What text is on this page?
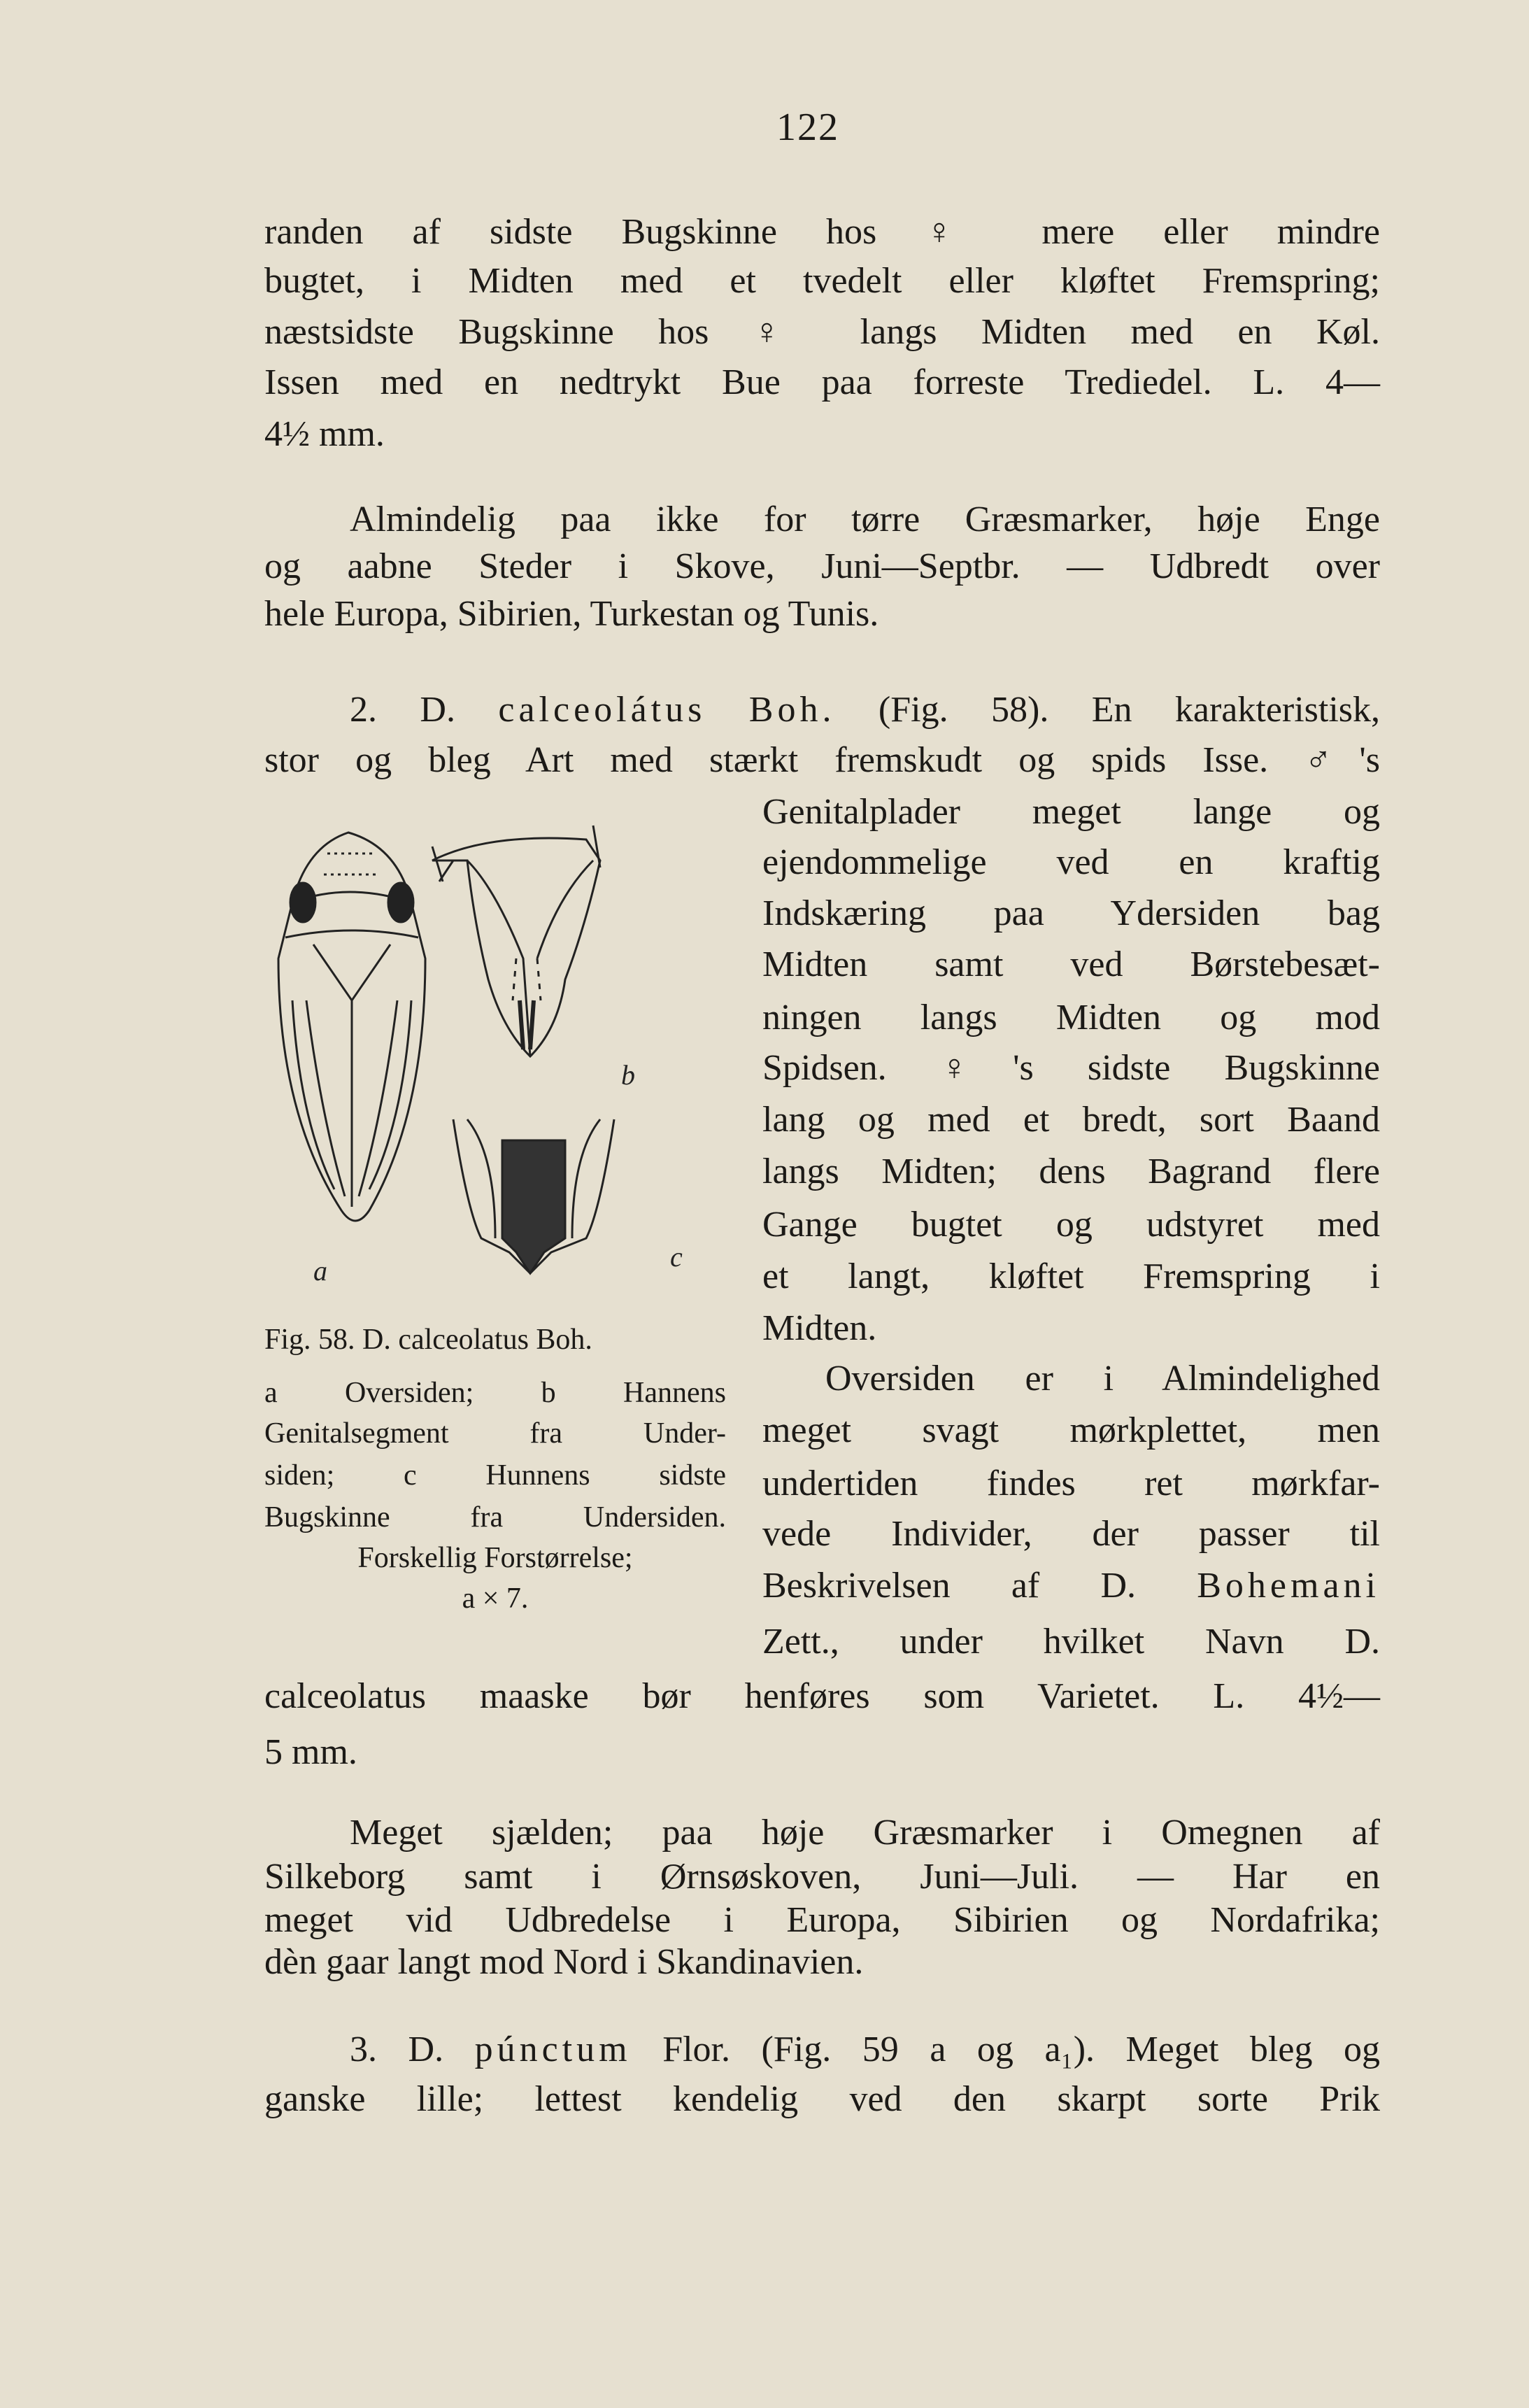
122
randen af sidste Bugskinne hos ♀ mere eller mindre
bugtet, i Midten med et tvedelt eller kløftet Fremspring;
næstsidste Bugskinne hos ♀ langs Midten med en Køl.
Issen med en nedtrykt Bue paa forreste Trediedel. L. 4—
4½ mm.
Almindelig paa ikke for tørre Græsmarker, høje Enge
og aabne Steder i Skove, Juni—Septbr. — Udbredt over
hele Europa, Sibirien, Turkestan og Tunis.
2. D. calceolátus Boh. (Fig. 58). En karakteristisk,
stor og bleg Art med stærkt fremskudt og spids Isse. ♂'s
Genitalplader meget lange og
ejendommelige ved en kraftig
Indskæring paa Ydersiden bag
Midten samt ved Børstebesæt-
ningen langs Midten og mod
Spidsen. ♀'s sidste Bugskinne
lang og med et bredt, sort Baand
langs Midten; dens Bagrand flere
Gange bugtet og udstyret med
et langt, kløftet Fremspring i
Midten.
Oversiden er i Almindelighed
meget svagt mørkplettet, men
undertiden findes ret mørkfar-
vede Individer, der passer til
Beskrivelsen af D. Bohemani
Zett., under hvilket Navn D.
calceolatus maaske bør henføres som Varietet. L. 4½—
5 mm.
a
b
c
Fig. 58. D. calceolatus Boh.
a Oversiden; b Hannens
Genitalsegment fra Under-
siden; c Hunnens sidste
Bugskinne fra Undersiden.
Forskellig Forstørrelse;
a × 7.
Meget sjælden; paa høje Græsmarker i Omegnen af
Silkeborg samt i Ørnsøskoven, Juni—Juli. — Har en
meget vid Udbredelse i Europa, Sibirien og Nordafrika;
dèn gaar langt mod Nord i Skandinavien.
3. D. púnctum Flor. (Fig. 59 a og a₁). Meget bleg og
ganske lille; lettest kendelig ved den skarpt sorte Prik
